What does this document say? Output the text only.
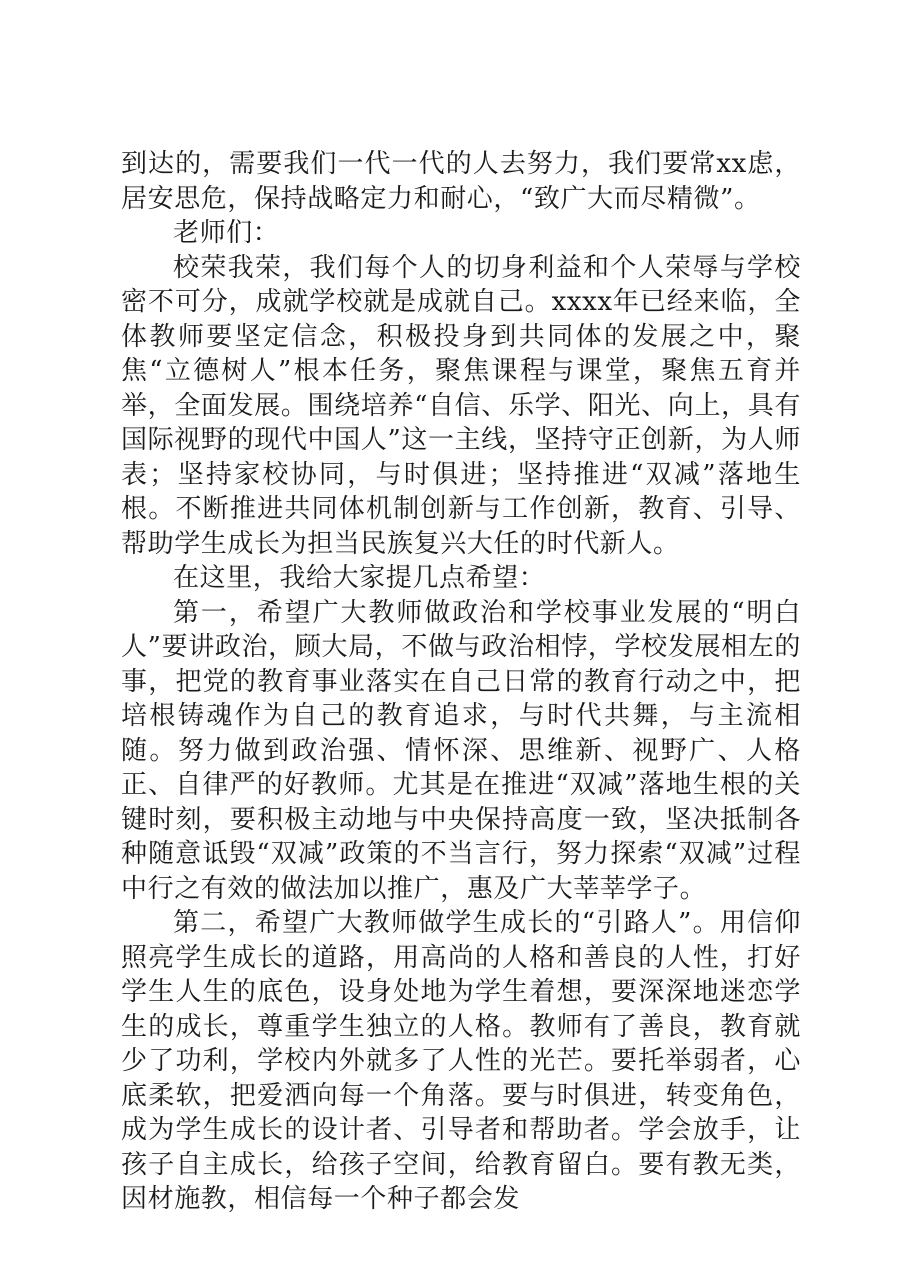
到达的，需要我们一代一代的人去努力，我们要常xx虑，居安思危，保持战略定力和耐心，“致广大而尽精微”。

老师们：

校荣我荣，我们每个人的切身利益和个人荣辱与学校密不可分，成就学校就是成就自己。xxxx年已经来临，全体教师要坚定信念，积极投身到共同体的发展之中，聚焦“立德树人”根本任务，聚焦课程与课堂，聚焦五育并举，全面发展。围绕培养“自信、乐学、阳光、向上，具有国际视野的现代中国人”这一主线，坚持守正创新，为人师表；坚持家校协同，与时俱进；坚持推进“双减”落地生根。不断推进共同体机制创新与工作创新，教育、引导、帮助学生成长为担当民族复兴大任的时代新人。

在这里，我给大家提几点希望：

第一，希望广大教师做政治和学校事业发展的“明白人”要讲政治，顾大局，不做与政治相悖，学校发展相左的事，把党的教育事业落实在自己日常的教育行动之中，把培根铸魂作为自己的教育追求，与时代共舞，与主流相随。努力做到政治强、情怀深、思维新、视野广、人格正、自律严的好教师。尤其是在推进“双减”落地生根的关键时刻，要积极主动地与中央保持高度一致，坚决抵制各种随意诋毁“双减”政策的不当言行，努力探索“双减”过程中行之有效的做法加以推广，惠及广大莘莘学子。

第二，希望广大教师做学生成长的“引路人”。用信仰照亮学生成长的道路，用高尚的人格和善良的人性，打好学生人生的底色，设身处地为学生着想，要深深地迷恋学生的成长，尊重学生独立的人格。教师有了善良，教育就少了功利，学校内外就多了人性的光芒。要托举弱者，心底柔软，把爱洒向每一个角落。要与时俱进，转变角色，成为学生成长的设计者、引导者和帮助者。学会放手，让孩子自主成长，给孩子空间，给教育留白。要有教无类，因材施教，相信每一个种子都会发
